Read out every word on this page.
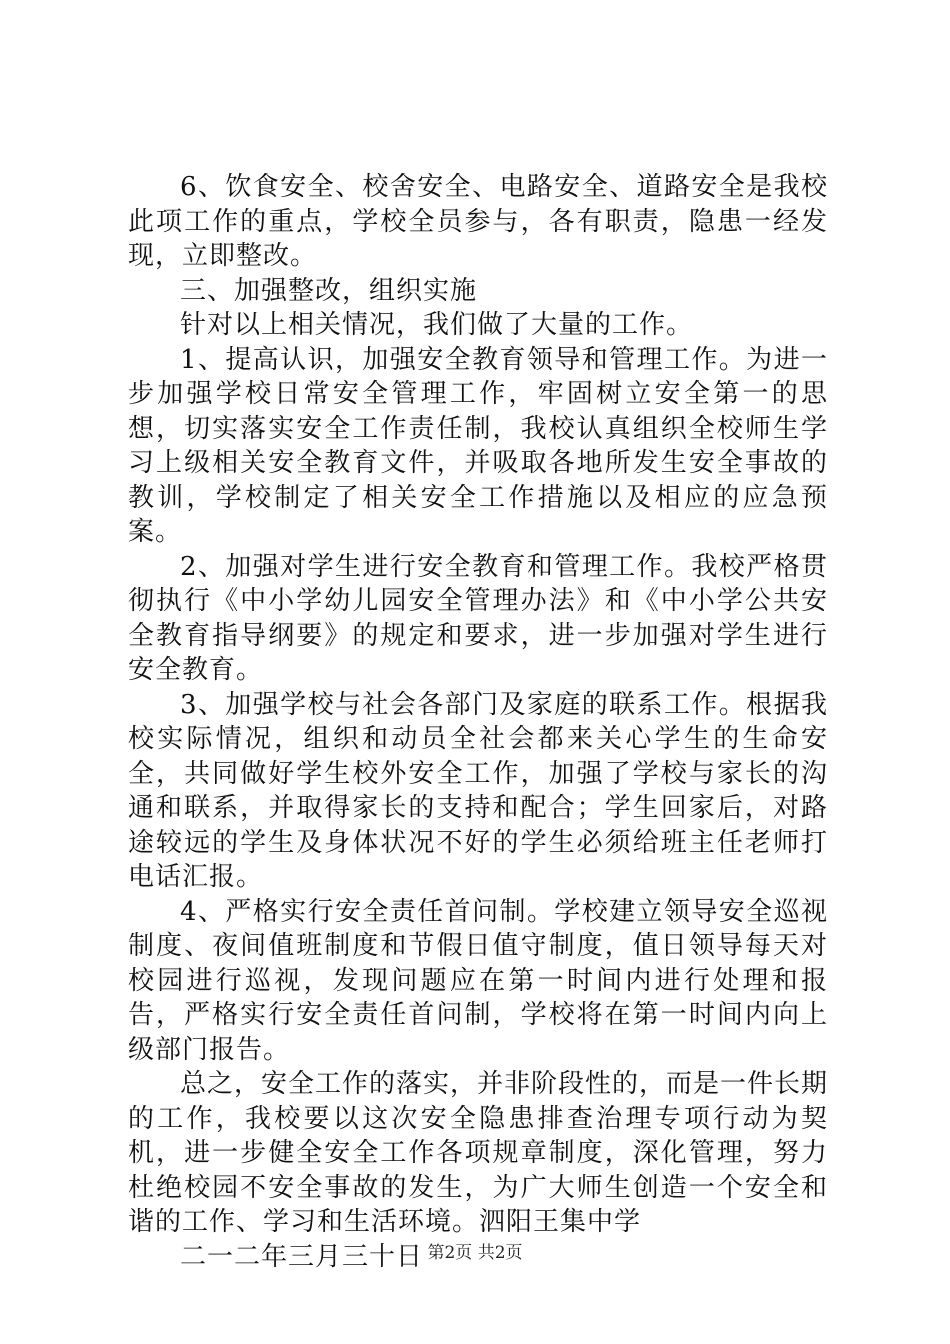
6、饮食安全、校舍安全、电路安全、道路安全是我校此项工作的重点，学校全员参与，各有职责，隐患一经发现，立即整改。

三、加强整改，组织实施

针对以上相关情况，我们做了大量的工作。

1、提高认识，加强安全教育领导和管理工作。为进一步加强学校日常安全管理工作，牢固树立安全第一的思想，切实落实安全工作责任制，我校认真组织全校师生学习上级相关安全教育文件，并吸取各地所发生安全事故的教训，学校制定了相关安全工作措施以及相应的应急预案。

2、加强对学生进行安全教育和管理工作。我校严格贯彻执行《中小学幼儿园安全管理办法》和《中小学公共安全教育指导纲要》的规定和要求，进一步加强对学生进行安全教育。

3、加强学校与社会各部门及家庭的联系工作。根据我校实际情况，组织和动员全社会都来关心学生的生命安全，共同做好学生校外安全工作，加强了学校与家长的沟通和联系，并取得家长的支持和配合；学生回家后，对路途较远的学生及身体状况不好的学生必须给班主任老师打电话汇报。

4、严格实行安全责任首问制。学校建立领导安全巡视制度、夜间值班制度和节假日值守制度，值日领导每天对校园进行巡视，发现问题应在第一时间内进行处理和报告，严格实行安全责任首问制，学校将在第一时间内向上级部门报告。

总之，安全工作的落实，并非阶段性的，而是一件长期的工作，我校要以这次安全隐患排查治理专项行动为契机，进一步健全安全工作各项规章制度，深化管理，努力杜绝校园不安全事故的发生，为广大师生创造一个安全和谐的工作、学习和生活环境。泗阳王集中学

二一二年三月三十日 第2页 共2页
